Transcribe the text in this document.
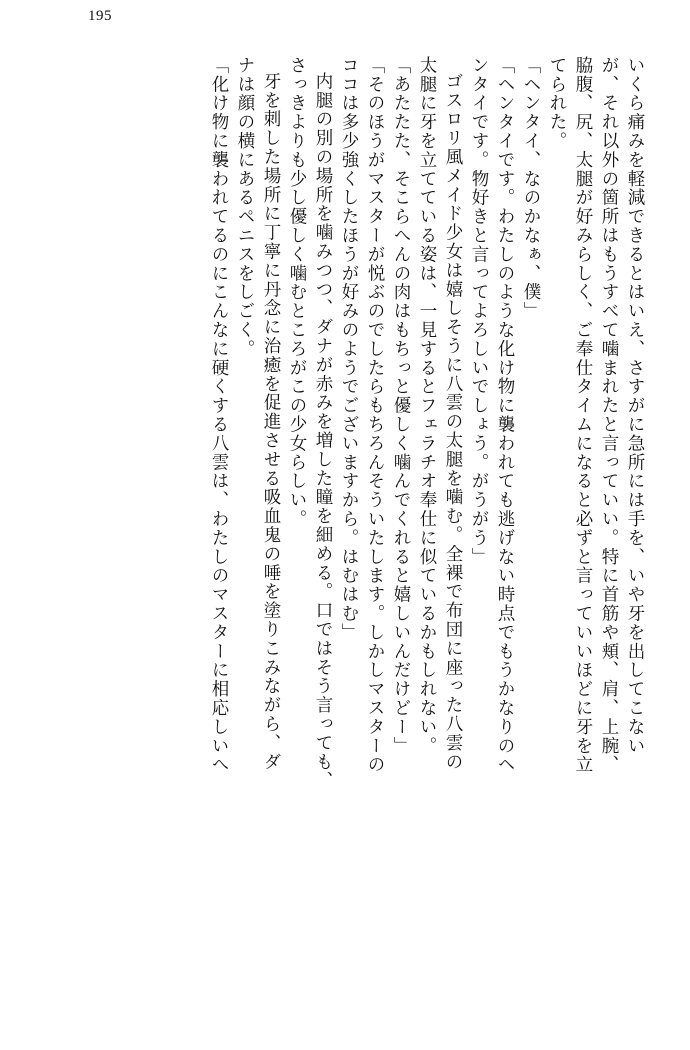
195
いくら痛みを軽減できるとはいえ、さすがに急所には手を、いや牙を出してこない
が、それ以外の箇所はもうすべて噛まれたと言っていい。特に首筋や頬、肩、上腕、
脇腹、尻、太腿が好みらしく、ご奉仕タイムになると必ずと言っていいほどに牙を立
てられた。
「ヘンタイ、なのかなぁ、僕」
「ヘンタイです。わたしのような化け物に襲われても逃げない時点でもうかなりのヘ
ンタイです。物好きと言ってよろしいでしょう。がうがう」
ゴスロリ風メイド少女は嬉しそうに八雲の太腿を噛む。全裸で布団に座った八雲の
太腿に牙を立てている姿は、一見するとフェラチオ奉仕に似ているかもしれない。
「あたたた、そこらへんの肉はもちっと優しく噛んでくれると嬉しいんだけどー」
「そのほうがマスターが悦ぶのでしたらもちろんそういたします。しかしマスターの
ココは多少強くしたほうが好みのようでございますから。はむはむ」
内腿の別の場所を噛みつつ、ダナが赤みを増した瞳を細める。口ではそう言っても、
さっきよりも少し優しく噛むところがこの少女らしい。
牙を刺した場所に丁寧に丹念に治癒を促進させる吸血鬼の唾を塗りこみながら、ダ
ナは顔の横にあるペニスをしごく。
「化け物に襲われてるのにこんなに硬くする八雲は、わたしのマスターに相応しいへ
